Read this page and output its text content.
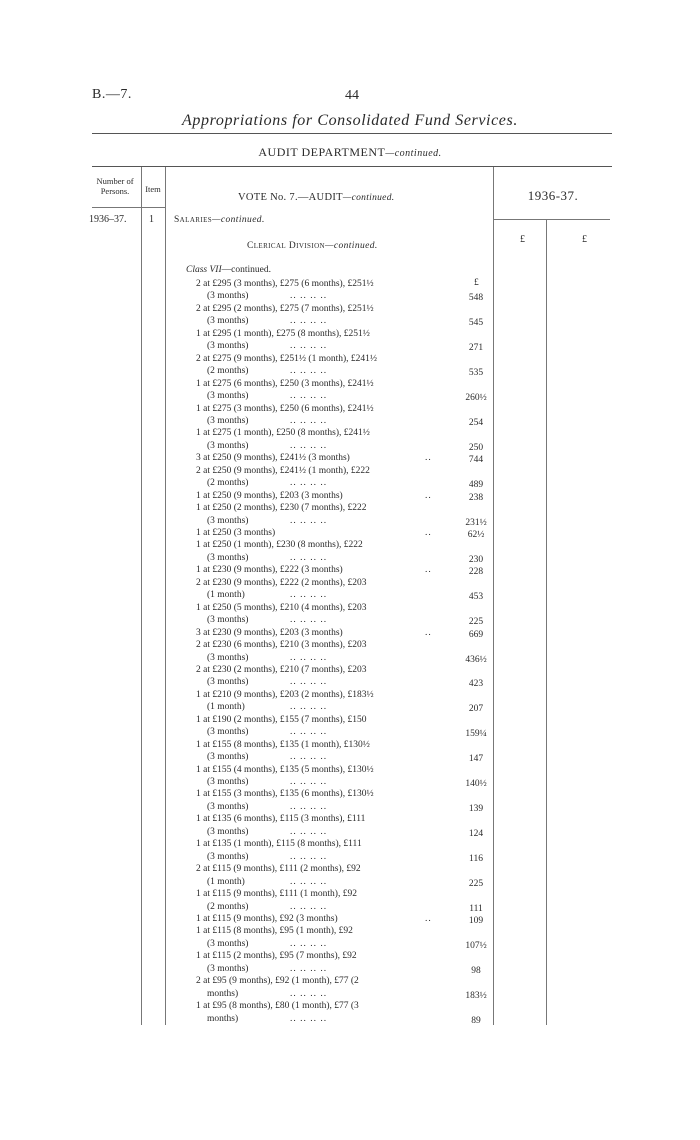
B.—7.	44
Appropriations for Consolidated Fund Services.
AUDIT DEPARTMENT—continued.
Number of Persons.	Item
VOTE No. 7.—AUDIT—continued.	1936-37.
1936–37. 1 Salaries—continued.
£	£
Clerical Division—continued.
Class VII—continued.
£
2 at £295 (3 months), £275 (6 months), £251½
(3 months)	.. .. .. ..	548
2 at £295 (2 months), £275 (7 months), £251½
(3 months)	.. .. .. ..	545
1 at £295 (1 month), £275 (8 months), £251½
(3 months)	.. .. .. ..	271
2 at £275 (9 months), £251½ (1 month), £241½
(2 months)	.. .. .. ..	535
1 at £275 (6 months), £250 (3 months), £241½
(3 months)	.. .. .. ..	260½
1 at £275 (3 months), £250 (6 months), £241½
(3 months)	.. .. .. ..	254
1 at £275 (1 month), £250 (8 months), £241½
(3 months)	.. .. .. ..	250
3 at £250 (9 months), £241½ (3 months)	..	744
2 at £250 (9 months), £241½ (1 month), £222
(2 months)	.. .. .. ..	489
1 at £250 (9 months), £203 (3 months)	..	238
1 at £250 (2 months), £230 (7 months), £222
(3 months)	.. .. .. ..	231½
1 at £250 (3 months)	..	62½
1 at £250 (1 month), £230 (8 months), £222
(3 months)	.. .. .. ..	230
1 at £230 (9 months), £222 (3 months)	..	228
2 at £230 (9 months), £222 (2 months), £203
(1 month)	.. .. .. ..	453
1 at £250 (5 months), £210 (4 months), £203
(3 months)	.. .. .. ..	225
3 at £230 (9 months), £203 (3 months)	..	669
2 at £230 (6 months), £210 (3 months), £203
(3 months)	.. .. .. ..	436½
2 at £230 (2 months), £210 (7 months), £203
(3 months)	.. .. .. ..	423
1 at £210 (9 months), £203 (2 months), £183½
(1 month)	.. .. .. ..	207
1 at £190 (2 months), £155 (7 months), £150
(3 months)	.. .. .. ..	159¼
1 at £155 (8 months), £135 (1 month), £130½
(3 months)	.. .. .. ..	147
1 at £155 (4 months), £135 (5 months), £130½
(3 months)	.. .. .. ..	140½
1 at £155 (3 months), £135 (6 months), £130½
(3 months)	.. .. .. ..	139
1 at £135 (6 months), £115 (3 months), £111
(3 months)	.. .. .. ..	124
1 at £135 (1 month), £115 (8 months), £111
(3 months)	.. .. .. ..	116
2 at £115 (9 months), £111 (2 months), £92
(1 month)	.. .. .. ..	225
1 at £115 (9 months), £111 (1 month), £92
(2 months)	.. .. .. ..	111
1 at £115 (9 months), £92 (3 months)	..	109
1 at £115 (8 months), £95 (1 month), £92
(3 months)	.. .. .. ..	107½
1 at £115 (2 months), £95 (7 months), £92
(3 months)	.. .. .. ..	98
2 at £95 (9 months), £92 (1 month), £77 (2
months)	.. .. .. ..	183½
1 at £95 (8 months), £80 (1 month), £77 (3
months)	.. .. .. ..	89
